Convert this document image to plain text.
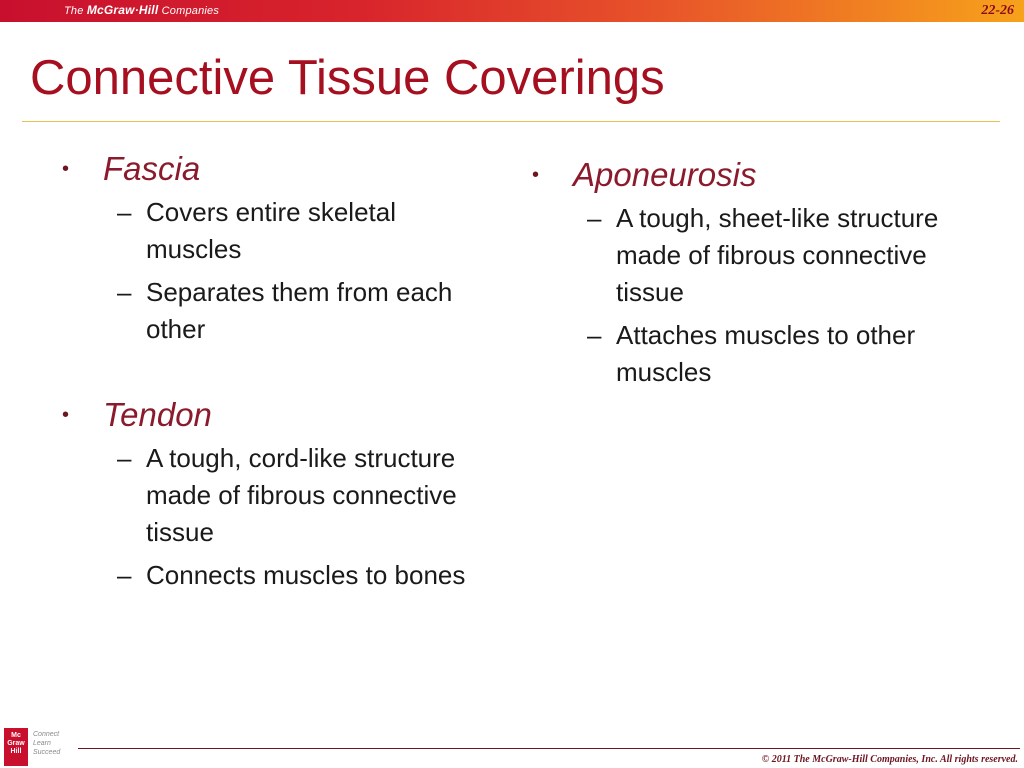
The McGraw·Hill Companies	22-26
Connective Tissue Coverings
• Fascia
– Covers entire skeletal muscles
– Separates them from each other
• Tendon
– A tough, cord-like structure made of fibrous connective tissue
– Connects muscles to bones
• Aponeurosis
– A tough, sheet-like structure made of fibrous connective tissue
– Attaches muscles to other muscles
Mc Graw Hill
Connect
Learn
Succeed
© 2011 The McGraw-Hill Companies, Inc. All rights reserved.
